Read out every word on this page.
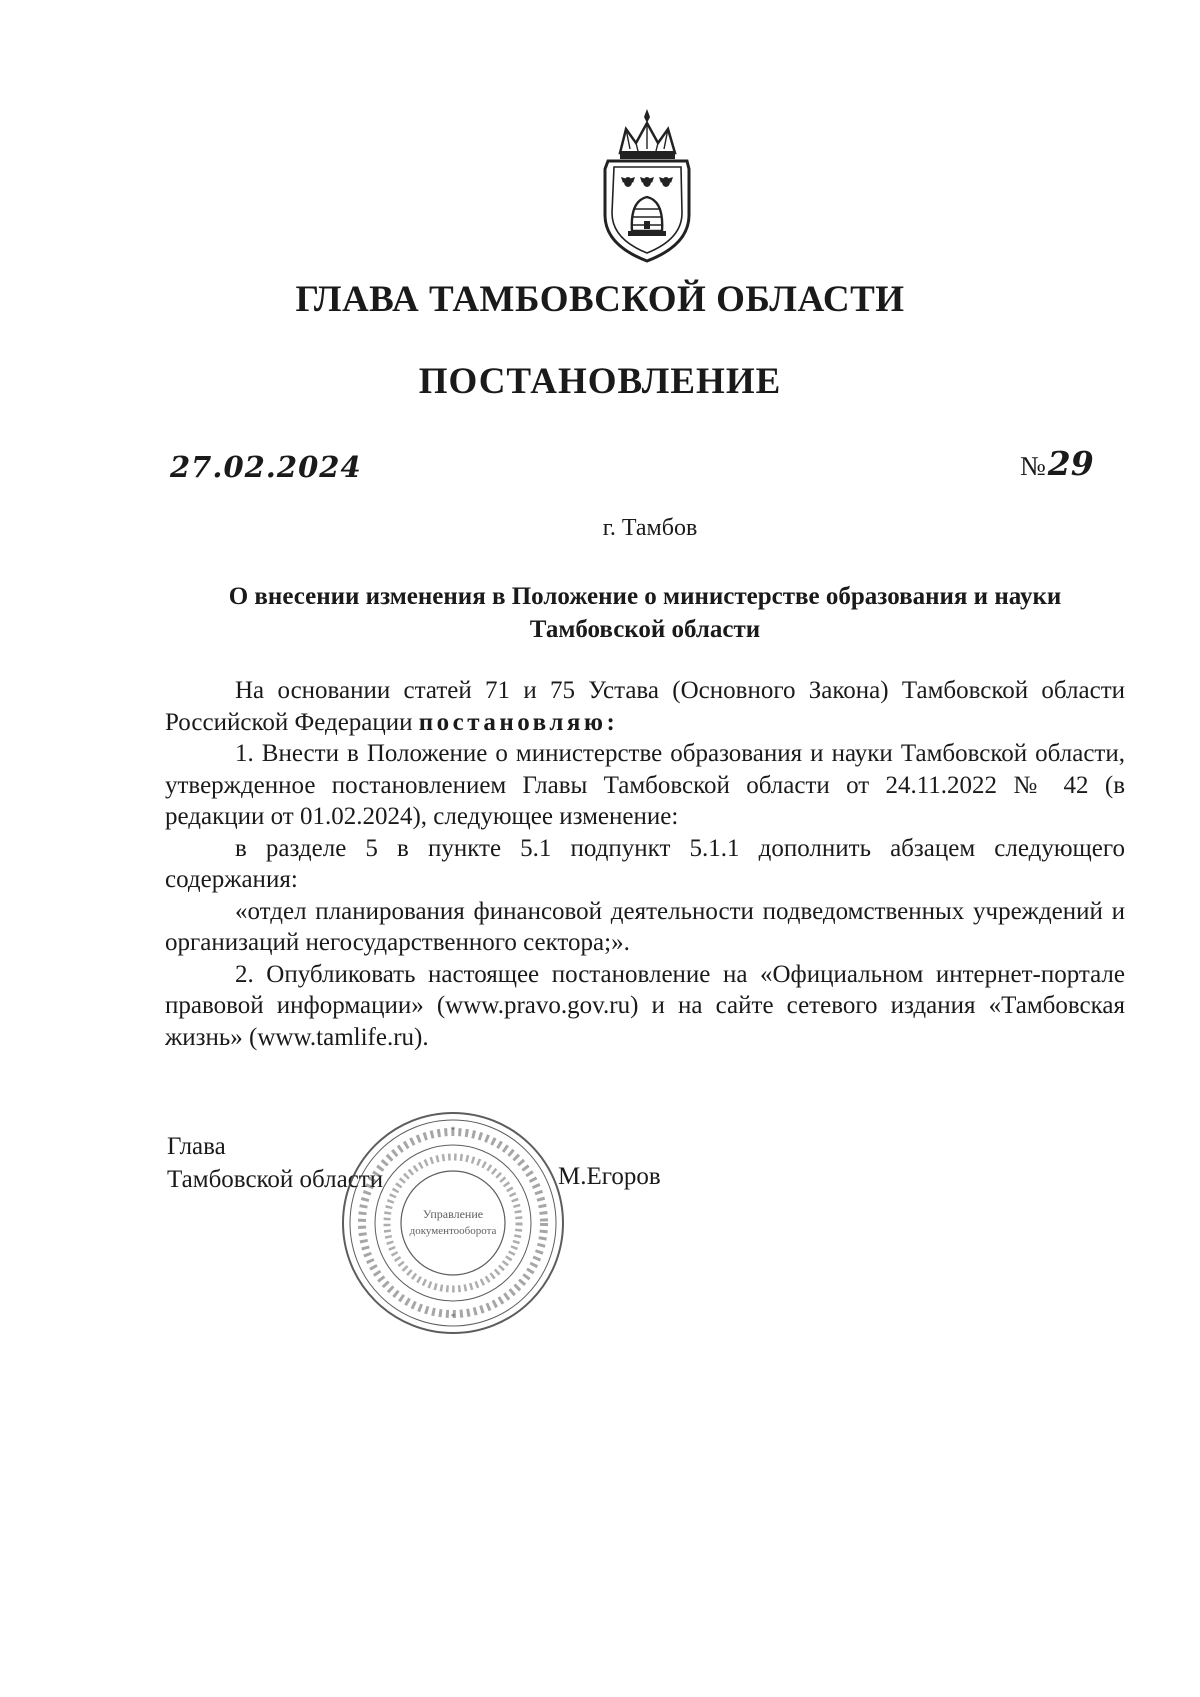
ГЛАВА ТАМБОВСКОЙ ОБЛАСТИ
ПОСТАНОВЛЕНИЕ
27.02.2024	№29
г. Тамбов
О внесении изменения в Положение о министерстве образования и науки Тамбовской области

На основании статей 71 и 75 Устава (Основного Закона) Тамбовской области Российской Федерации постановляю:

1. Внести в Положение о министерстве образования и науки Тамбовской области, утвержденное постановлением Главы Тамбовской области от 24.11.2022 № 42 (в редакции от 01.02.2024), следующее изменение:

в разделе 5 в пункте 5.1 подпункт 5.1.1 дополнить абзацем следующего содержания:

«отдел планирования финансовой деятельности подведомственных учреждений и организаций негосударственного сектора;».

2. Опубликовать настоящее постановление на «Официальном интернет-портале правовой информации» (www.pravo.gov.ru) и на сайте сетевого издания «Тамбовская жизнь» (www.tamlife.ru).

Глава
Тамбовской области	М.Егоров
Управление
документооборота
*
*
